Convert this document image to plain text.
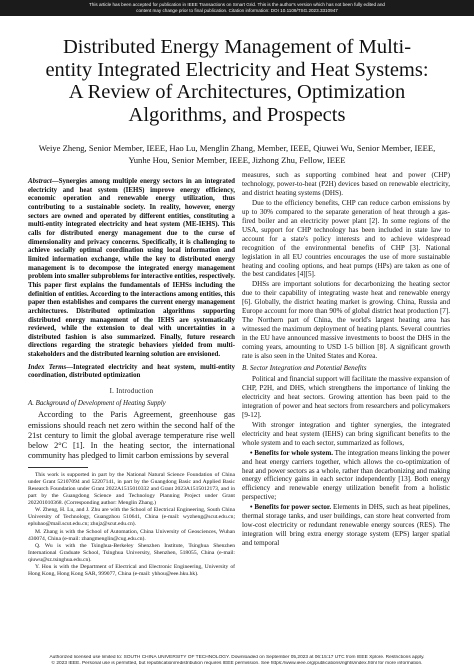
This article has been accepted for publication in IEEE Transactions on Smart Grid. This is the author's version which has not been fully edited and
content may change prior to final publication. Citation information: DOI 10.1109/TSG.2023.3310947
Distributed Energy Management of Multi-entity Integrated Electricity and Heat Systems: A Review of Architectures, Optimization Algorithms, and Prospects
Weiye Zheng, Senior Member, IEEE, Hao Lu, Menglin Zhang, Member, IEEE, Qiuwei Wu, Senior Member, IEEE, Yunhe Hou, Senior Member, IEEE, Jizhong Zhu, Fellow, IEEE

Abstract—Synergies among multiple energy sectors in an integrated electricity and heat system (IEHS) improve energy efficiency, economic operation and renewable energy utilization, thus contributing to a sustainable society. In reality, however, energy sectors are owned and operated by different entities, constituting a multi-entity integrated electricity and heat system (ME-IEHS). This calls for distributed energy management due to the curse of dimensionality and privacy concerns. Specifically, it is challenging to achieve socially optimal coordination using local information and limited information exchange, while the key to distributed energy management is to decompose the integrated energy management problem into smaller subproblems for interactive entities, respectively. This paper first explains the fundamentals of IEHSs including the definition of entities. According to the interactions among entities, this paper then establishes and compares the current energy management architectures. Distributed optimization algorithms supporting distributed energy management of the IEHS are systematically reviewed, while the extension to deal with uncertainties in a distributed fashion is also summarized. Finally, future research directions regarding the strategic behaviors yielded from multi-stakeholders and the distributed learning solution are envisioned.

Index Terms—Integrated electricity and heat system, multi-entity coordination, distributed optimization

I. Introduction
A. Background of Development of Heating Supply

According to the Paris Agreement, greenhouse gas emissions should reach net zero within the second half of the 21st century to limit the global average temperature rise well below 2°C [1]. In the heating sector, the international community has pledged to limit carbon emissions by several

This work is supported in part by the National Natural Science Foundation of China under Grant 52107094 and 52207141, in part by the Guangdong Basic and Applied Basic Research Foundation under Grant 2022A1515010332 and Grant 2023A1515012173, and in part by the Guangdong Science and Technology Planning Project under Grant 202201010368. (Corresponding author: Menglin Zhang.)

W. Zheng, H. Lu, and J. Zhu are with the School of Electrical Engineering, South China University of Technology, Guangzhou 510641, China (e-mail: wyzheng@scut.edu.cn; eplubao@mail.scut.edu.cn; zhujz@scut.edu.cn).

M. Zhang is with the School of Automation, China University of Geosciences, Wuhan 430074, China (e-mail: zhangmenglin@cug.edu.cn).

Q. Wu is with the Tsinghua-Berkeley Shenzhen Institute, Tsinghua Shenzhen International Graduate School, Tsinghua University, Shenzhen, 518055, China (e-mail: qiuwu@sz.tsinghua.edu.cn).

Y. Hou is with the Department of Electrical and Electronic Engineering, University of Hong Kong, Hong Kong SAR, 999077, China (e-mail: yhhou@eee.hku.hk).

measures, such as supporting combined heat and power (CHP) technology, power-to-heat (P2H) devices based on renewable electricity, and district heating systems (DHS).

Due to the efficiency benefits, CHP can reduce carbon emissions by up to 30% compared to the separate generation of heat through a gas-fired boiler and an electricity power plant [2]. In some regions of the USA, support for CHP technology has been included in state law to account for a state's policy interests and to achieve widespread recognition of the environmental benefits of CHP [3]. National legislation in all EU countries encourages the use of more sustainable heating and cooling options, and heat pumps (HPs) are taken as one of the best candidates [4][5].

DHSs are important solutions for decarbonizing the heating sector due to their capability of integrating waste heat and renewable energy [6]. Globally, the district heating market is growing. China, Russia and Europe account for more than 90% of global district heat production [7]. The Northern part of China, the world's largest heating area has witnessed the maximum deployment of heating plants. Several countries in the EU have announced massive investments to boost the DHS in the coming years, amounting to USD 1-5 billion [8]. A significant growth rate is also seen in the United States and Korea.

B. Sector Integration and Potential Benefits

Political and financial support will facilitate the massive expansion of CHP, P2H, and DHS, which strengthens the importance of linking the electricity and heat sectors. Growing attention has been paid to the integration of power and heat sectors from researchers and policymakers [9-12].

With stronger integration and tighter synergies, the integrated electricity and heat system (IEHS) can bring significant benefits to the whole system and to each sector, summarized as follows,

• Benefits for whole system. The integration means linking the power and heat energy carriers together, which allows the co-optimization of heat and power sectors as a whole, rather than decarbonizing and making energy efficiency gains in each sector independently [13]. Both energy efficiency and renewable energy utilization benefit from a holistic perspective;

• Benefits for power sector. Elements in DHS, such as heat pipelines, thermal storage tanks, and user buildings, can store heat converted from low-cost electricity or redundant renewable energy sources (RES). The integration will bring extra energy storage system (EPS) larger spatial and temporal

Authorized licensed use limited to: SOUTH CHINA UNIVERSITY OF TECHNOLOGY. Downloaded on September 05,2023 at 06:15:17 UTC from IEEE Xplore. Restrictions apply.
© 2023 IEEE. Personal use is permitted, but republication/redistribution requires IEEE permission. See https://www.ieee.org/publications/rights/index.html for more information.
